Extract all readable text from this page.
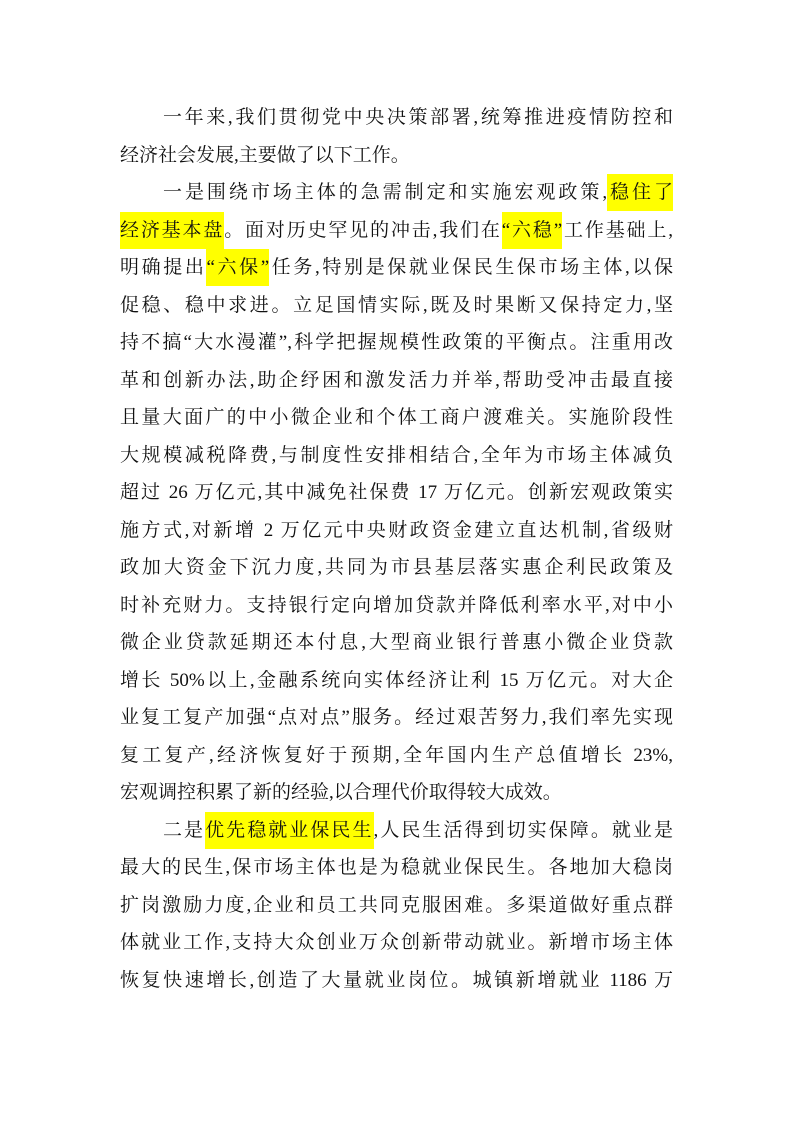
一年来,我们贯彻党中央决策部署,统筹推进疫情防控和
经济社会发展,主要做了以下工作。
一是围绕市场主体的急需制定和实施宏观政策,稳住了
经济基本盘。面对历史罕见的冲击,我们在“六稳”工作基础上,
明确提出“六保”任务,特别是保就业保民生保市场主体,以保
促稳、稳中求进。立足国情实际,既及时果断又保持定力,坚
持不搞“大水漫灌”,科学把握规模性政策的平衡点。注重用改
革和创新办法,助企纾困和激发活力并举,帮助受冲击最直接
且量大面广的中小微企业和个体工商户渡难关。实施阶段性
大规模减税降费,与制度性安排相结合,全年为市场主体减负
超过 26 万亿元,其中减免社保费 17 万亿元。创新宏观政策实
施方式,对新增 2 万亿元中央财政资金建立直达机制,省级财
政加大资金下沉力度,共同为市县基层落实惠企利民政策及
时补充财力。支持银行定向增加贷款并降低利率水平,对中小
微企业贷款延期还本付息,大型商业银行普惠小微企业贷款
增长 50%以上,金融系统向实体经济让利 15 万亿元。对大企
业复工复产加强“点对点”服务。经过艰苦努力,我们率先实现
复工复产,经济恢复好于预期,全年国内生产总值增长 23%,
宏观调控积累了新的经验,以合理代价取得较大成效。
二是优先稳就业保民生,人民生活得到切实保障。就业是
最大的民生,保市场主体也是为稳就业保民生。各地加大稳岗
扩岗激励力度,企业和员工共同克服困难。多渠道做好重点群
体就业工作,支持大众创业万众创新带动就业。新增市场主体
恢复快速增长,创造了大量就业岗位。城镇新增就业 1186 万
